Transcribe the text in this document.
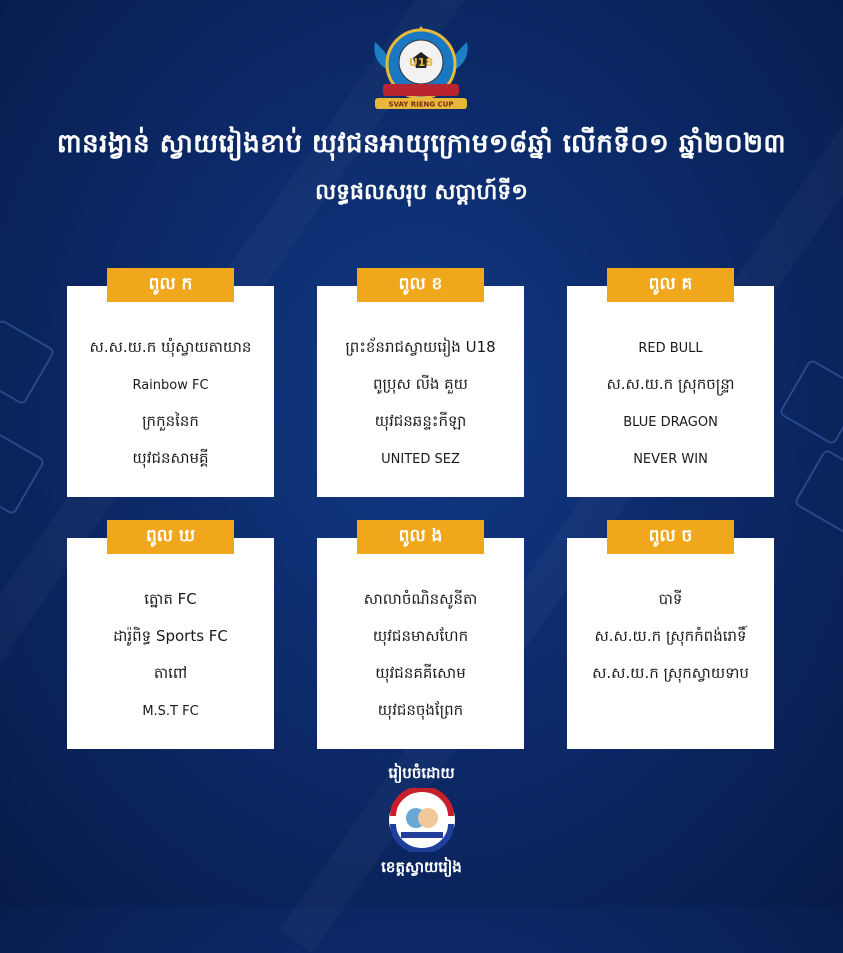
U18
SVAY RIENG CUP
ពានរង្វាន់ ស្វាយរៀងខាប់ យុវជនអាយុក្រោម១៨ឆ្នាំ លើកទី០១ ឆ្នាំ២០២៣
លទ្ធផលសរុប សប្តាហ៍ទី១
ពូល ក
ស.ស.យ.ក ឃុំស្វាយតាយាន
Rainbow FC
ក្រកួននៃក
យុវជនសាមគ្គី
ពូល ខ
ព្រះខ័នរាជស្វាយរៀង U18
ពូប្រុស លីង គួយ
យុវជនឆន្ទះកីឡា
UNITED SEZ
ពូល គ
RED BULL
ស.ស.យ.ក ស្រុកចន្ទ្រា
BLUE DRAGON
NEVER WIN
ពូល ឃ
ត្នោត FC
ដារ៉ូពិទ្ធ Sports FC
តាពៅ
M.S.T FC
ពូល ង
សាលាចំណិនសូនីតា
យុវជនមាសហែក
យុវជនគគីសោម
យុវជនចុងព្រែក
ពូល ច
បាទី
ស.ស.យ.ក ស្រុកកំពង់រោទិ៍
ស.ស.យ.ក ស្រុកស្វាយទាប
រៀបចំដោយ
ខេត្តស្វាយរៀង
